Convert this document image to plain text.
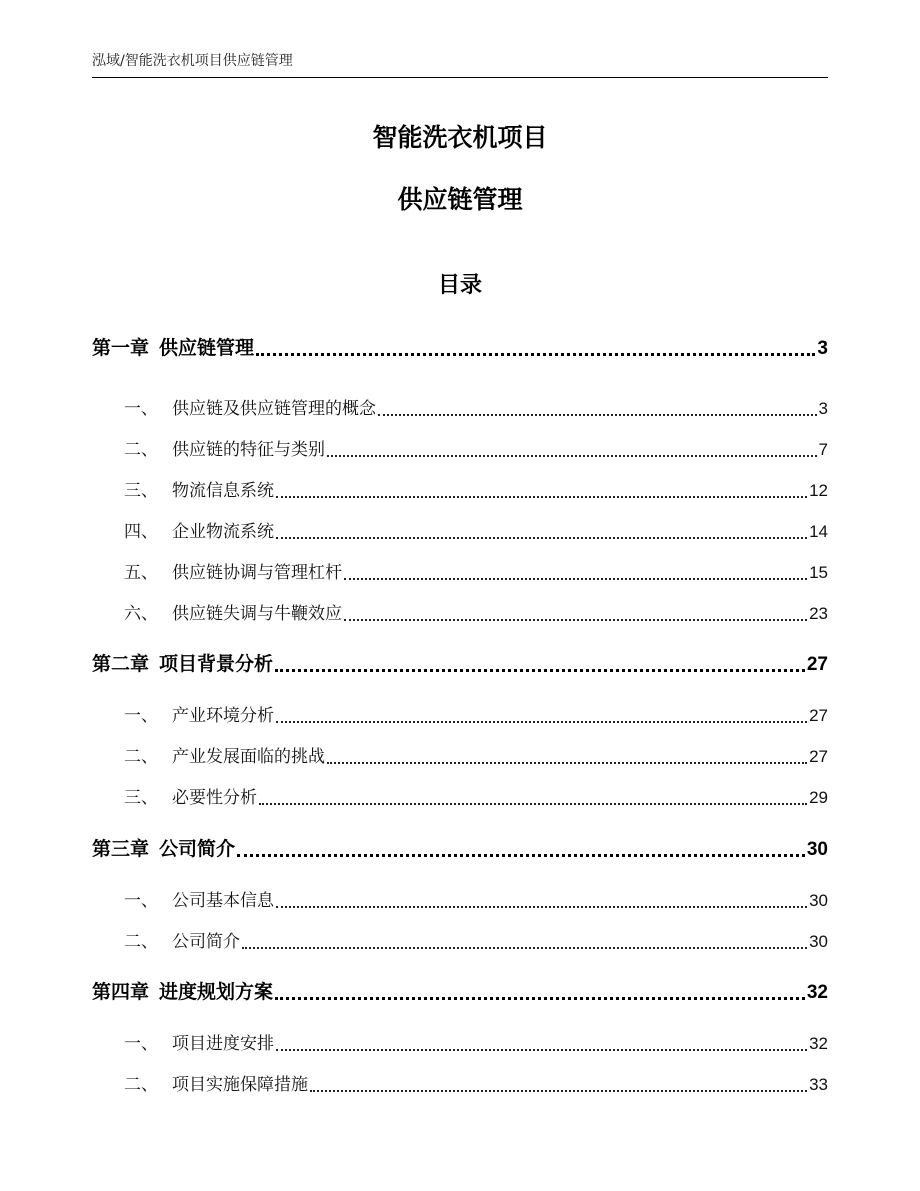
泓域/智能洗衣机项目供应链管理
智能洗衣机项目
供应链管理
目录
第一章 供应链管理	3
一、 供应链及供应链管理的概念	3
二、 供应链的特征与类别	7
三、 物流信息系统	12
四、 企业物流系统	14
五、 供应链协调与管理杠杆	15
六、 供应链失调与牛鞭效应	23
第二章 项目背景分析	27
一、 产业环境分析	27
二、 产业发展面临的挑战	27
三、 必要性分析	29
第三章 公司简介	30
一、 公司基本信息	30
二、 公司简介	30
第四章 进度规划方案	32
一、 项目进度安排	32
二、 项目实施保障措施	33
